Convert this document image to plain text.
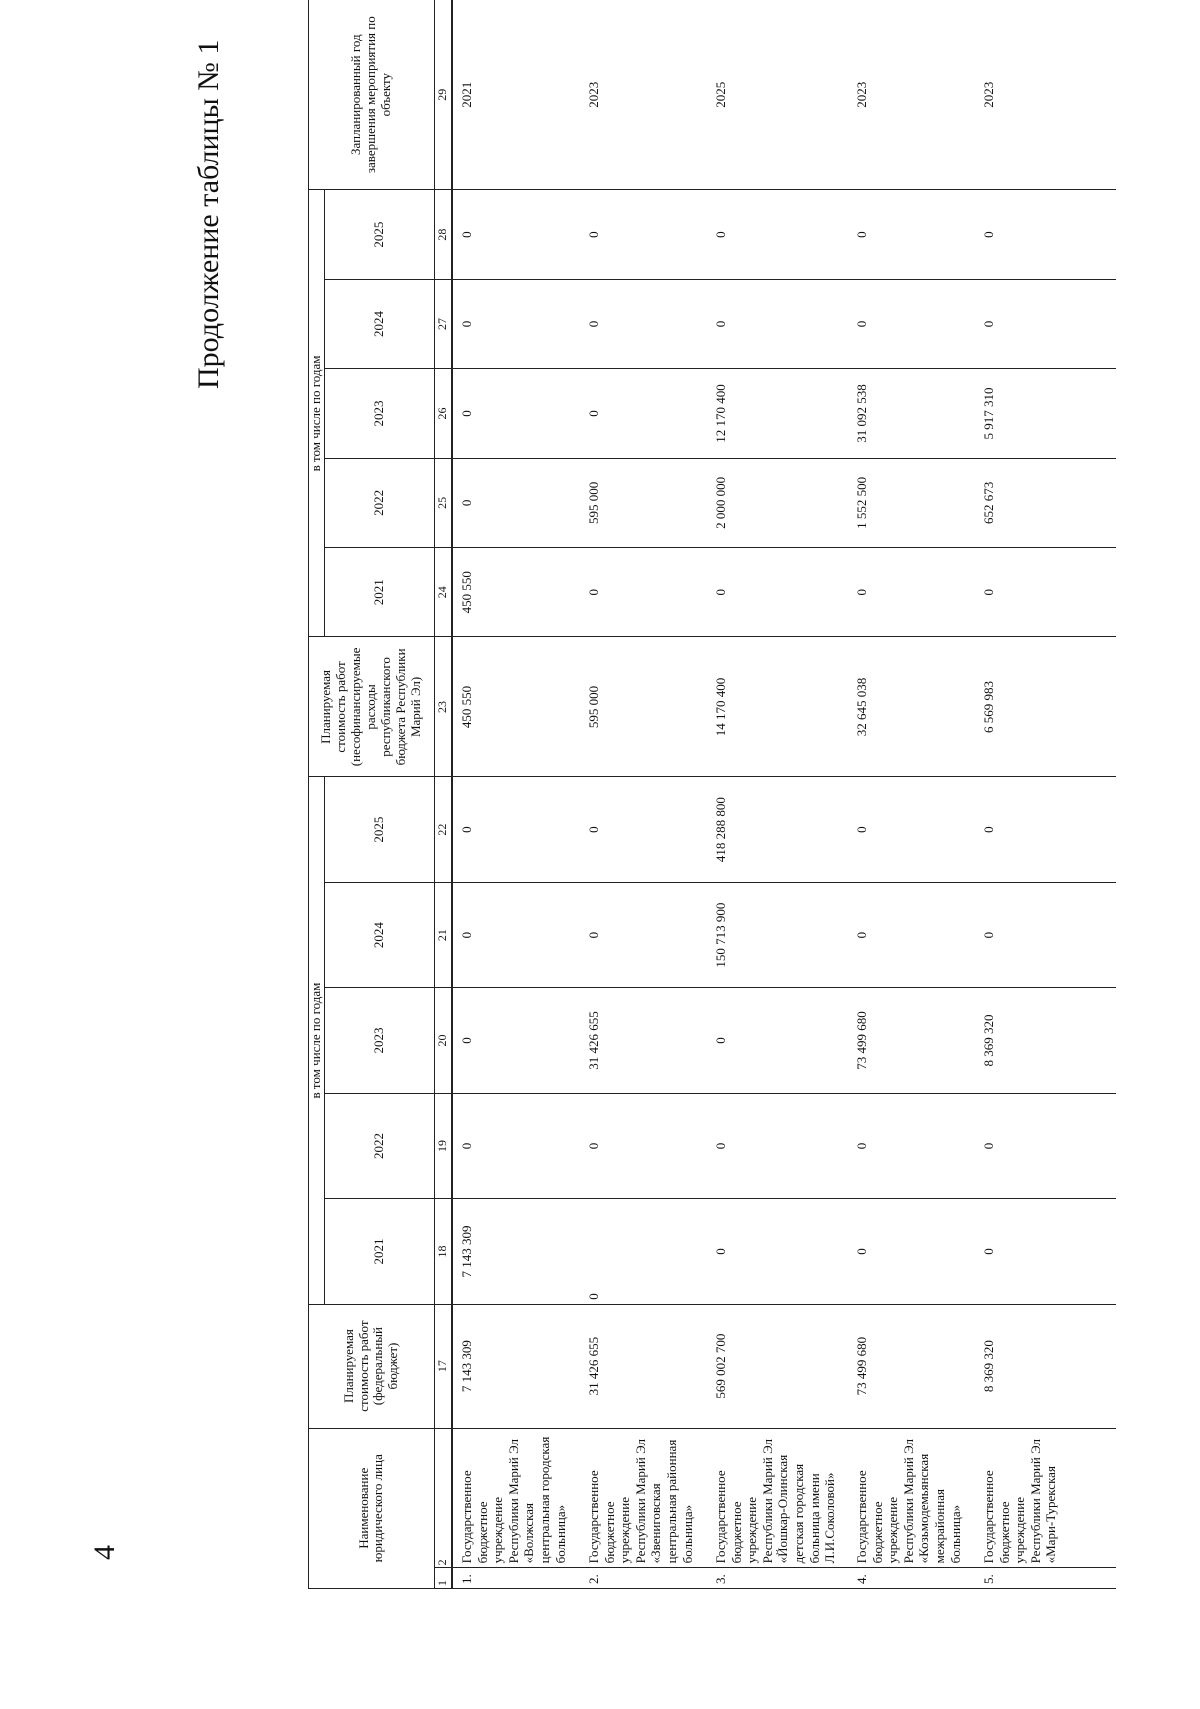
4
Продолжение таблицы № 1
Наименование юридического лица		Планируемая стоимость работ (федеральный бюджет)	в том числе по годам					Планируемая стоимость работ (несофинансируемые расходы республиканского бюджета Республики Марий Эл)	в том числе по годам					Запланированный год завершения мероприятия по объекту
			2021	2022	2023	2024	2025		2021	2022	2023	2024	2025	
1	2	17	18	19	20	21	22	23	24	25	26	27	28	29
1.	Государственное бюджетное учреждение Республики Марий Эл «Волжская центральная городская больница»	7 143 309	7 143 309	0	0	0	0	450 550	450 550	0	0	0	0	2021
2.	Государственное бюджетное учреждение Республики Марий Эл «Звениговская центральная районная больница»	31 426 655	0	0	31 426 655	0	0	595 000	0	595 000	0	0	0	2023
3.	Государственное бюджетное учреждение Республики Марий Эл «Йошкар-Олинская детская городская больница имени Л.И.Соколовой»	569 002 700	0	0	0	150 713 900	418 288 800	14 170 400	0	2 000 000	12 170 400	0	0	2025
4.	Государственное бюджетное учреждение Республики Марий Эл «Козьмодемьянская межрайонная больница»	73 499 680	0	0	73 499 680	0	0	32 645 038	0	1 552 500	31 092 538	0	0	2023
5.	Государственное бюджетное учреждение Республики Марий Эл «Мари-Турекская	8 369 320	0	0	8 369 320	0	0	6 569 983	0	652 673	5 917 310	0	0	2023
